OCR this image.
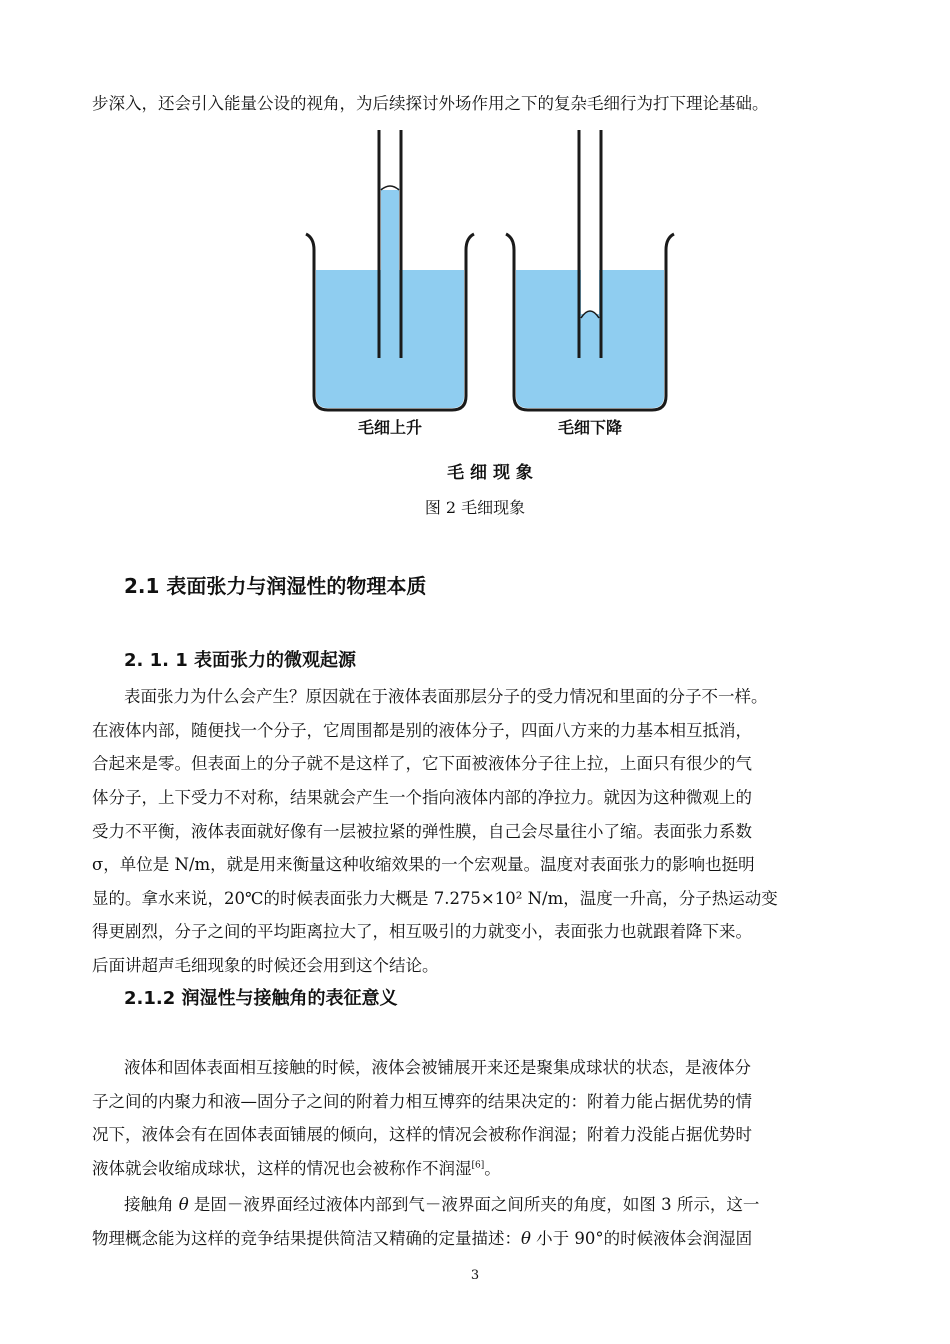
步深入，还会引入能量公设的视角，为后续探讨外场作用之下的复杂毛细行为打下理论基础。
毛细上升	毛细下降
毛 细 现 象
图 2 毛细现象
2.1 表面张力与润湿性的物理本质
2. 1. 1 表面张力的微观起源
表面张力为什么会产生？原因就在于液体表面那层分子的受力情况和里面的分子不一样。
在液体内部，随便找一个分子，它周围都是别的液体分子，四面八方来的力基本相互抵消，
合起来是零。但表面上的分子就不是这样了，它下面被液体分子往上拉，上面只有很少的气
体分子，上下受力不对称，结果就会产生一个指向液体内部的净拉力。就因为这种微观上的
受力不平衡，液体表面就好像有一层被拉紧的弹性膜，自己会尽量往小了缩。表面张力系数
σ，单位是 N/m，就是用来衡量这种收缩效果的一个宏观量。温度对表面张力的影响也挺明
显的。拿水来说，20℃的时候表面张力大概是 7.275×10² N/m，温度一升高，分子热运动变
得更剧烈，分子之间的平均距离拉大了，相互吸引的力就变小，表面张力也就跟着降下来。
后面讲超声毛细现象的时候还会用到这个结论。
2.1.2 润湿性与接触角的表征意义
液体和固体表面相互接触的时候，液体会被铺展开来还是聚集成球状的状态，是液体分
子之间的内聚力和液—固分子之间的附着力相互博弈的结果决定的：附着力能占据优势的情
况下，液体会有在固体表面铺展的倾向，这样的情况会被称作润湿；附着力没能占据优势时
液体就会收缩成球状，这样的情况也会被称作不润湿[6]。
接触角 θ 是固－液界面经过液体内部到气－液界面之间所夹的角度，如图 3 所示，这一
物理概念能为这样的竞争结果提供简洁又精确的定量描述：θ 小于 90°的时候液体会润湿固
3
